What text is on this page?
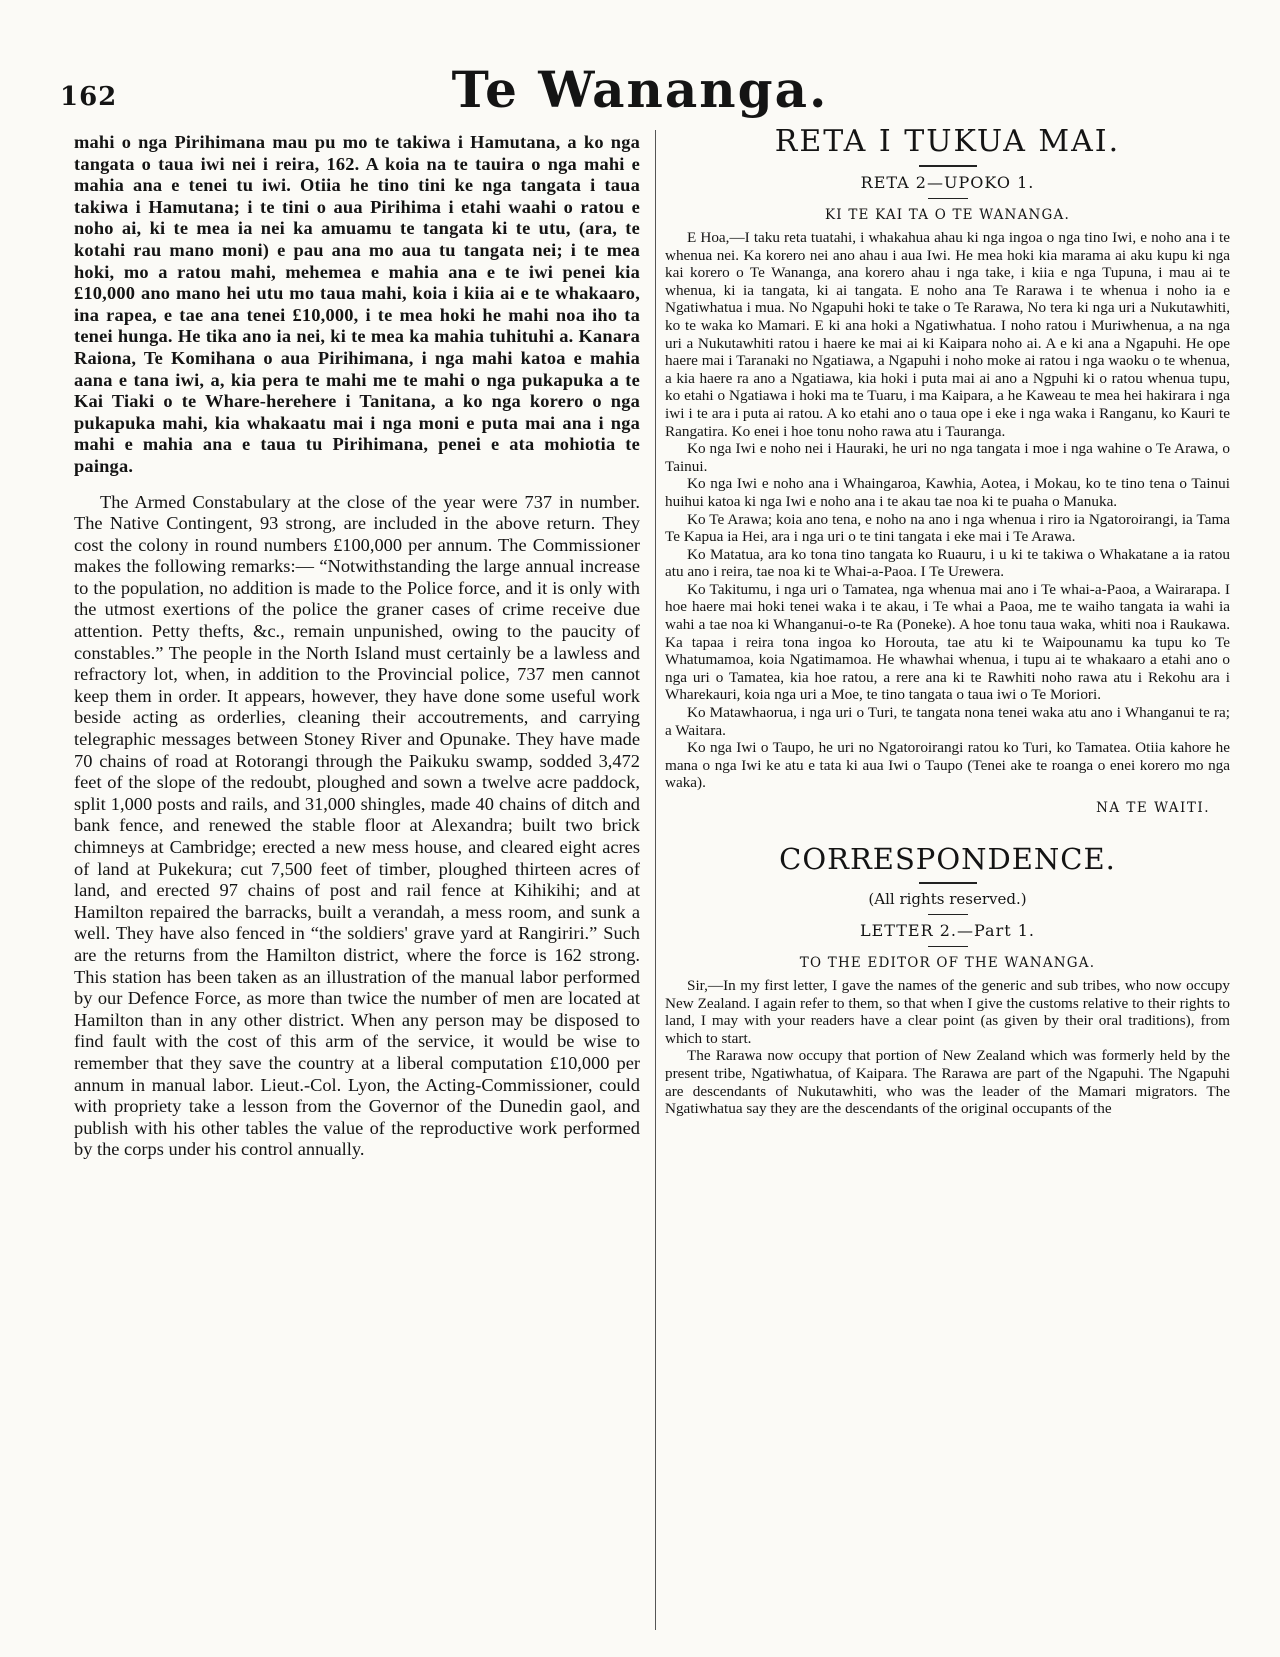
162	Te Wananga.

mahi o nga Pirihimana mau pu mo te takiwa i Hamutana, a ko nga tangata o taua iwi nei i reira, 162. A koia na te tauira o nga mahi e mahia ana e tenei tu iwi. Otiia he tino tini ke nga tangata i taua takiwa i Hamutana; i te tini o aua Pirihima i etahi waahi o ratou e noho ai, ki te mea ia nei ka amuamu te tangata ki te utu, (ara, te kotahi rau mano moni) e pau ana mo aua tu tangata nei; i te mea hoki, mo a ratou mahi, mehemea e mahia ana e te iwi penei kia £10,000 ano mano hei utu mo taua mahi, koia i kiia ai e te whakaaro, ina rapea, e tae ana tenei £10,000, i te mea hoki he mahi noa iho ta tenei hunga. He tika ano ia nei, ki te mea ka mahia tuhituhi a. Kanara Raiona, Te Komihana o aua Pirihimana, i nga mahi katoa e mahia aana e tana iwi, a, kia pera te mahi me te mahi o nga pukapuka a te Kai Tiaki o te Whare-herehere i Tanitana, a ko nga korero o nga pukapuka mahi, kia whakaatu mai i nga moni e puta mai ana i nga mahi e mahia ana e taua tu Pirihimana, penei e ata mohiotia te painga.

The Armed Constabulary at the close of the year were 737 in number. The Native Contingent, 93 strong, are included in the above return. They cost the colony in round numbers £100,000 per annum. The Commissioner makes the following remarks:— “Notwithstanding the large annual increase to the population, no addition is made to the Police force, and it is only with the utmost exertions of the police the graner cases of crime receive due attention. Petty thefts, &c., remain unpunished, owing to the paucity of constables.” The people in the North Island must certainly be a lawless and refractory lot, when, in addition to the Provincial police, 737 men cannot keep them in order. It appears, however, they have done some useful work beside acting as orderlies, cleaning their accoutrements, and carrying telegraphic messages between Stoney River and Opunake. They have made 70 chains of road at Rotorangi through the Paikuku swamp, sodded 3,472 feet of the slope of the redoubt, ploughed and sown a twelve acre paddock, split 1,000 posts and rails, and 31,000 shingles, made 40 chains of ditch and bank fence, and renewed the stable floor at Alexandra; built two brick chimneys at Cambridge; erected a new mess house, and cleared eight acres of land at Pukekura; cut 7,500 feet of timber, ploughed thirteen acres of land, and erected 97 chains of post and rail fence at Kihikihi; and at Hamilton repaired the barracks, built a verandah, a mess room, and sunk a well. They have also fenced in “the soldiers' grave yard at Rangiriri.” Such are the returns from the Hamilton district, where the force is 162 strong. This station has been taken as an illustration of the manual labor performed by our Defence Force, as more than twice the number of men are located at Hamilton than in any other district. When any person may be disposed to find fault with the cost of this arm of the service, it would be wise to remember that they save the country at a liberal computation £10,000 per annum in manual labor. Lieut.-Col. Lyon, the Acting-Commissioner, could with propriety take a lesson from the Governor of the Dunedin gaol, and publish with his other tables the value of the reproductive work performed by the corps under his control annually.

RETA I TUKUA MAI.
RETA 2—UPOKO 1.
KI TE KAI TA O TE WANANGA.

E Hoa,—I taku reta tuatahi, i whakahua ahau ki nga ingoa o nga tino Iwi, e noho ana i te whenua nei. Ka korero nei ano ahau i aua Iwi. He mea hoki kia marama ai aku kupu ki nga kai korero o Te Wananga, ana korero ahau i nga take, i kiia e nga Tupuna, i mau ai te whenua, ki ia tangata, ki ai tangata. E noho ana Te Rarawa i te whenua i noho ia e Ngatiwhatua i mua. No Ngapuhi hoki te take o Te Rarawa, No tera ki nga uri a Nukutawhiti, ko te waka ko Mamari. E ki ana hoki a Ngatiwhatua. I noho ratou i Muriwhenua, a na nga uri a Nukutawhiti ratou i haere ke mai ai ki Kaipara noho ai. A e ki ana a Ngapuhi. He ope haere mai i Taranaki no Ngatiawa, a Ngapuhi i noho moke ai ratou i nga waoku o te whenua, a kia haere ra ano a Ngatiawa, kia hoki i puta mai ai ano a Ngpuhi ki o ratou whenua tupu, ko etahi o Ngatiawa i hoki ma te Tuaru, i ma Kaipara, a he Kaweau te mea hei hakirara i nga iwi i te ara i puta ai ratou. A ko etahi ano o taua ope i eke i nga waka i Ranganu, ko Kauri te Rangatira. Ko enei i hoe tonu noho rawa atu i Tauranga.

Ko nga Iwi e noho nei i Hauraki, he uri no nga tangata i moe i nga wahine o Te Arawa, o Tainui.

Ko nga Iwi e noho ana i Whaingaroa, Kawhia, Aotea, i Mokau, ko te tino tena o Tainui huihui katoa ki nga Iwi e noho ana i te akau tae noa ki te puaha o Manuka.

Ko Te Arawa; koia ano tena, e noho na ano i nga whenua i riro ia Ngatoroirangi, ia Tama Te Kapua ia Hei, ara i nga uri o te tini tangata i eke mai i Te Arawa.

Ko Matatua, ara ko tona tino tangata ko Ruauru, i u ki te takiwa o Whakatane a ia ratou atu ano i reira, tae noa ki te Whai-a-Paoa. I Te Urewera.

Ko Takitumu, i nga uri o Tamatea, nga whenua mai ano i Te whai-a-Paoa, a Wairarapa. I hoe haere mai hoki tenei waka i te akau, i Te whai a Paoa, me te waiho tangata ia wahi ia wahi a tae noa ki Whanganui-o-te Ra (Poneke). A hoe tonu taua waka, whiti noa i Raukawa. Ka tapaa i reira tona ingoa ko Horouta, tae atu ki te Waipounamu ka tupu ko Te Whatumamoa, koia Ngatimamoa. He whawhai whenua, i tupu ai te whakaaro a etahi ano o nga uri o Tamatea, kia hoe ratou, a rere ana ki te Rawhiti noho rawa atu i Rekohu ara i Wharekauri, koia nga uri a Moe, te tino tangata o taua iwi o Te Moriori.

Ko Matawhaorua, i nga uri o Turi, te tangata nona tenei waka atu ano i Whanganui te ra; a Waitara.

Ko nga Iwi o Taupo, he uri no Ngatoroirangi ratou ko Turi, ko Tamatea. Otiia kahore he mana o nga Iwi ke atu e tata ki aua Iwi o Taupo (Tenei ake te roanga o enei korero mo nga waka).

NA TE WAITI.
CORRESPONDENCE.
(All rights reserved.)
LETTER 2.—Part 1.
TO THE EDITOR OF THE WANANGA.

Sir,—In my first letter, I gave the names of the generic and sub tribes, who now occupy New Zealand. I again refer to them, so that when I give the customs relative to their rights to land, I may with your readers have a clear point (as given by their oral traditions), from which to start.

The Rarawa now occupy that portion of New Zealand which was formerly held by the present tribe, Ngatiwhatua, of Kaipara. The Rarawa are part of the Ngapuhi. The Ngapuhi are descendants of Nukutawhiti, who was the leader of the Mamari migrators. The Ngatiwhatua say they are the descendants of the original occupants of the
